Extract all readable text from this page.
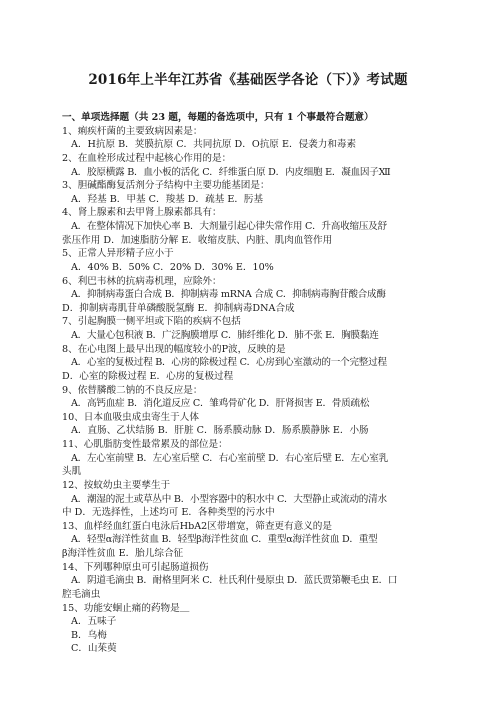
2016年上半年江苏省《基础医学各论（下）》考试题
一、单项选择题（共 23 题，每题的备选项中，只有 1 个事最符合题意）
1、痢疾杆菌的主要致病因素是：
A．H抗原 B．荚膜抗原 C．共同抗原 D．O抗原 E．侵袭力和毒素
2、在血栓形成过程中起核心作用的是：
A．胶原横露 B．血小板的活化 C．纤维蛋白原 D．内皮细胞 E．凝血因子Ⅻ
3、胆碱酯酶复活剂分子结构中主要功能基团是：
A．羟基 B．甲基 C．羧基 D．疏基 E．肟基
4、肾上腺素和去甲肾上腺素都具有：
A．在整体情况下加快心率 B．大剂量引起心律失常作用 C．升高收缩压及舒
张压作用 D．加速脂肪分解 E．收缩皮肤、内脏、肌肉血管作用
5、正常人异形精子应小于
A．40% B．50% C．20% D．30% E．10%
6、利巴韦林的抗病毒机理，应除外：
A．抑制病毒蛋白合成 B．抑制病毒 mRNA 合成 C．抑制病毒胸苷酸合成酶
D．抑制病毒肌苷单磷酸脱氢酶 E．抑制病毒DNA合成
7、引起胸膜一侧平坦或下陷的疾病不包括
A．大量心包积液 B．广泛胸膜增厚 C．肺纤维化 D．肺不张 E．胸膜黏连
8、在心电图上最早出现的幅度较小的P波，反映的是
A．心室的复极过程 B．心房的除极过程 C．心房到心室激动的一个完整过程
D．心室的除极过程 E．心房的复极过程
9、依替膦酸二钠的不良反应是：
A．高钙血症 B．消化道反应 C．雏鸡骨矿化 D．肝肾损害 E．骨质疏松
10、日本血吸虫成虫寄生于人体
A．直肠、乙状结肠 B．肝脏 C．肠系膜动脉 D．肠系膜静脉 E．小肠
11、心肌脂肪变性最常累及的部位是：
A．左心室前壁 B．左心室后壁 C．右心室前壁 D．右心室后壁 E．左心室乳
头肌
12、按蚊幼虫主要孳生于
A．潮湿的泥土或草丛中 B．小型容器中的积水中 C．大型静止或流动的清水
中 D．无选择性，上述均可 E．各种类型的污水中
13、血样经血红蛋白电泳后HbA2区带增宽，筛查更有意义的是
A．轻型α海洋性贫血 B．轻型β海洋性贫血 C．重型α海洋性贫血 D．重型
β海洋性贫血 E．胎儿综合征
14、下列哪种原虫可引起肠道损伤
A．阴道毛滴虫 B．耐格里阿米 C．杜氏利什曼原虫 D．蓝氏贾第鞭毛虫 E．口
腔毛滴虫
15、功能安蛔止痛的药物是＿
A．五味子
B．乌梅
C．山茱萸
